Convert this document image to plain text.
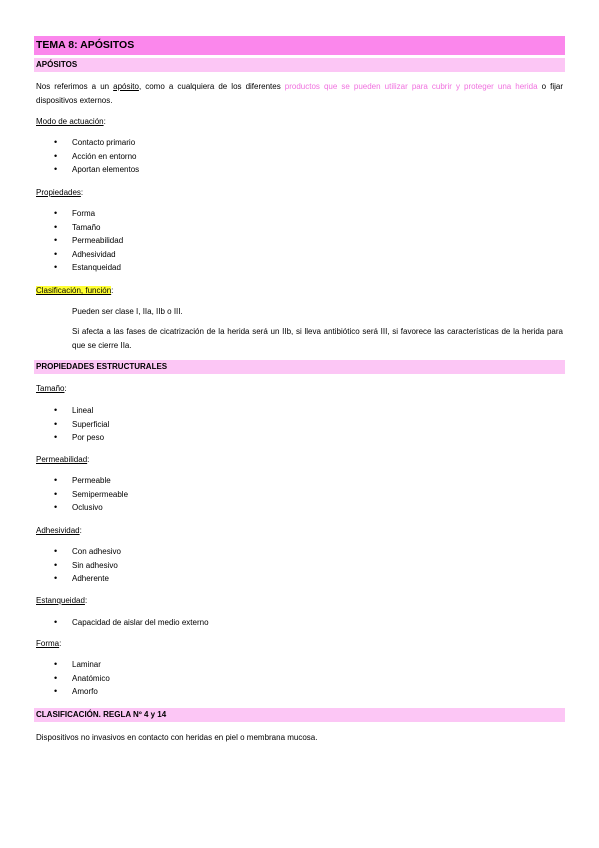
TEMA 8: APÓSITOS
APÓSITOS
Nos referimos a un apósito, como a cualquiera de los diferentes productos que se pueden utilizar para cubrir y proteger una herida o fijar dispositivos externos.
Modo de actuación:
• Contacto primario
• Acción en entorno
• Aportan elementos
Propiedades:
• Forma
• Tamaño
• Permeabilidad
• Adhesividad
• Estanqueidad
Clasificación, función:
Pueden ser clase I, IIa, IIb o III.
Si afecta a las fases de cicatrización de la herida será un IIb, si lleva antibiótico será III, si favorece las características de la herida para que se cierre IIa.
PROPIEDADES ESTRUCTURALES
Tamaño:
• Lineal
• Superficial
• Por peso
Permeabilidad:
• Permeable
• Semipermeable
• Oclusivo
Adhesividad:
• Con adhesivo
• Sin adhesivo
• Adherente
Estanqueidad:
• Capacidad de aislar del medio externo
Forma:
• Laminar
• Anatómico
• Amorfo
CLASIFICACIÓN. REGLA Nº 4 y 14
Dispositivos no invasivos en contacto con heridas en piel o membrana mucosa.
